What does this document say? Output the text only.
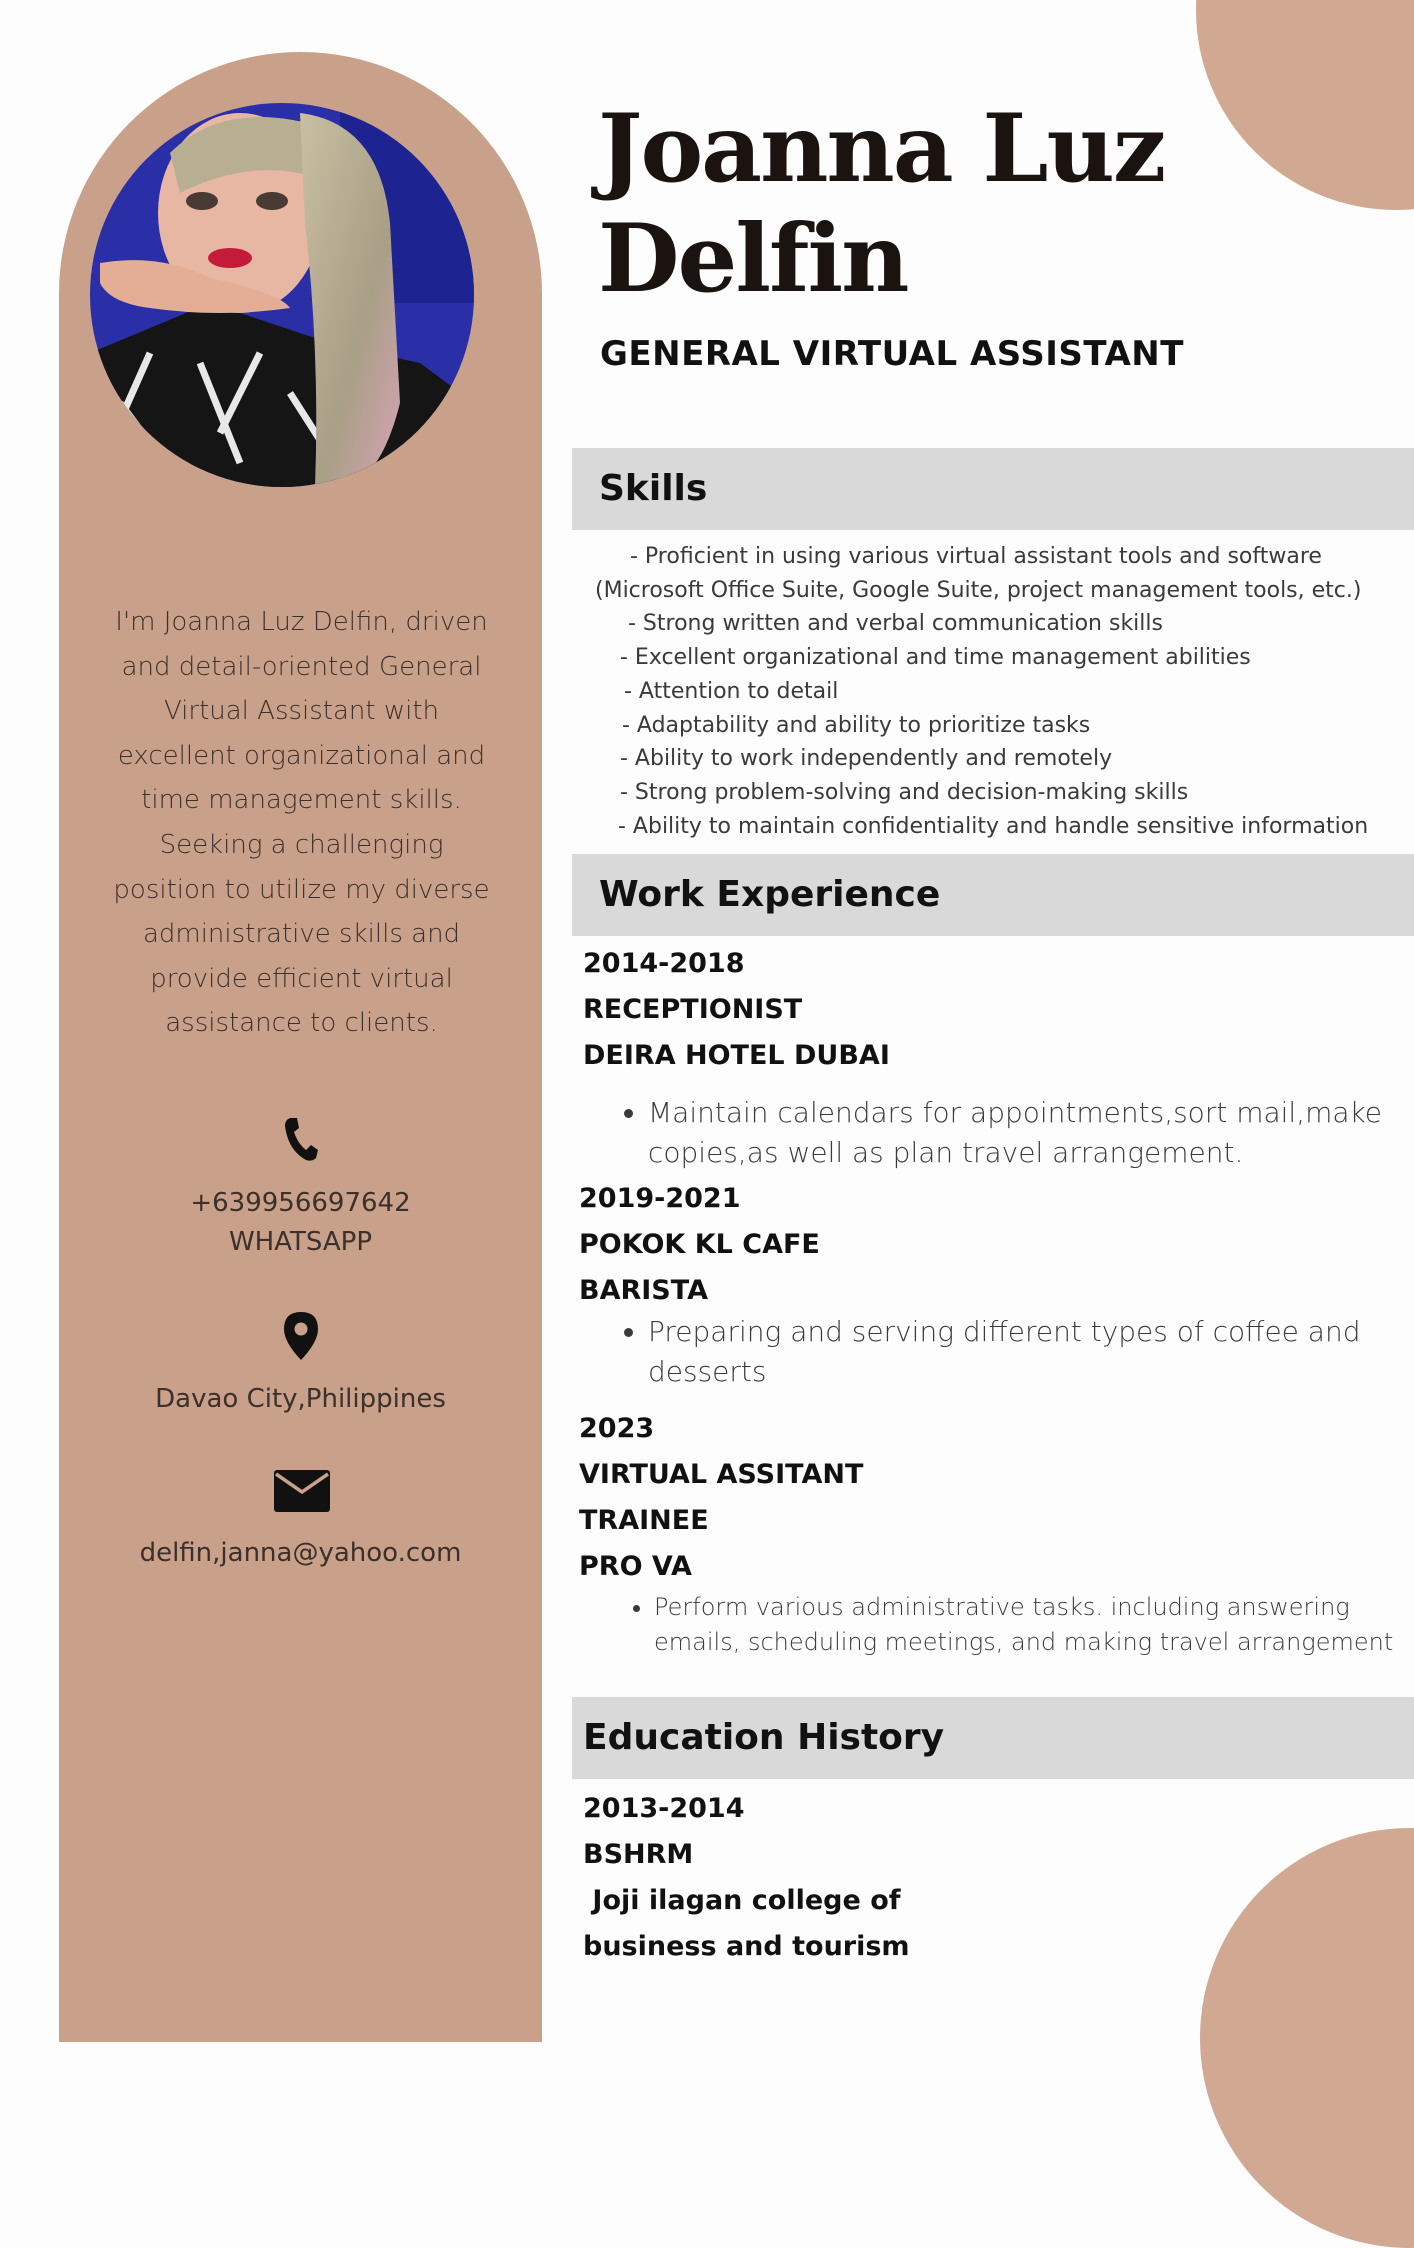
I'm Joanna Luz Delfin, driven and detail-oriented General Virtual Assistant with excellent organizational and time management skills. Seeking a challenging position to utilize my diverse administrative skills and provide efficient virtual assistance to clients.
+639956697642
WHATSAPP
Davao City,Philippines
delfin,janna@yahoo.com
Joanna Luz
Delfin
GENERAL VIRTUAL ASSISTANT
Skills
- Proficient in using various virtual assistant tools and software
(Microsoft Office Suite, Google Suite, project management tools, etc.)
- Strong written and verbal communication skills
- Excellent organizational and time management abilities
- Attention to detail
- Adaptability and ability to prioritize tasks
- Ability to work independently and remotely
- Strong problem-solving and decision-making skills
- Ability to maintain confidentiality and handle sensitive information
Work Experience
2014-2018
RECEPTIONIST
DEIRA HOTEL DUBAI
• Maintain calendars for appointments,sort mail,make copies,as well as plan travel arrangement.
2019-2021
POKOK KL CAFE
BARISTA
• Preparing and serving different types of coffee and desserts
2023
VIRTUAL ASSITANT
TRAINEE
PRO VA
• Perform various administrative tasks. including answering emails, scheduling meetings, and making travel arrangement
Education History
2013-2014
BSHRM
Joji ilagan college of
business and tourism
